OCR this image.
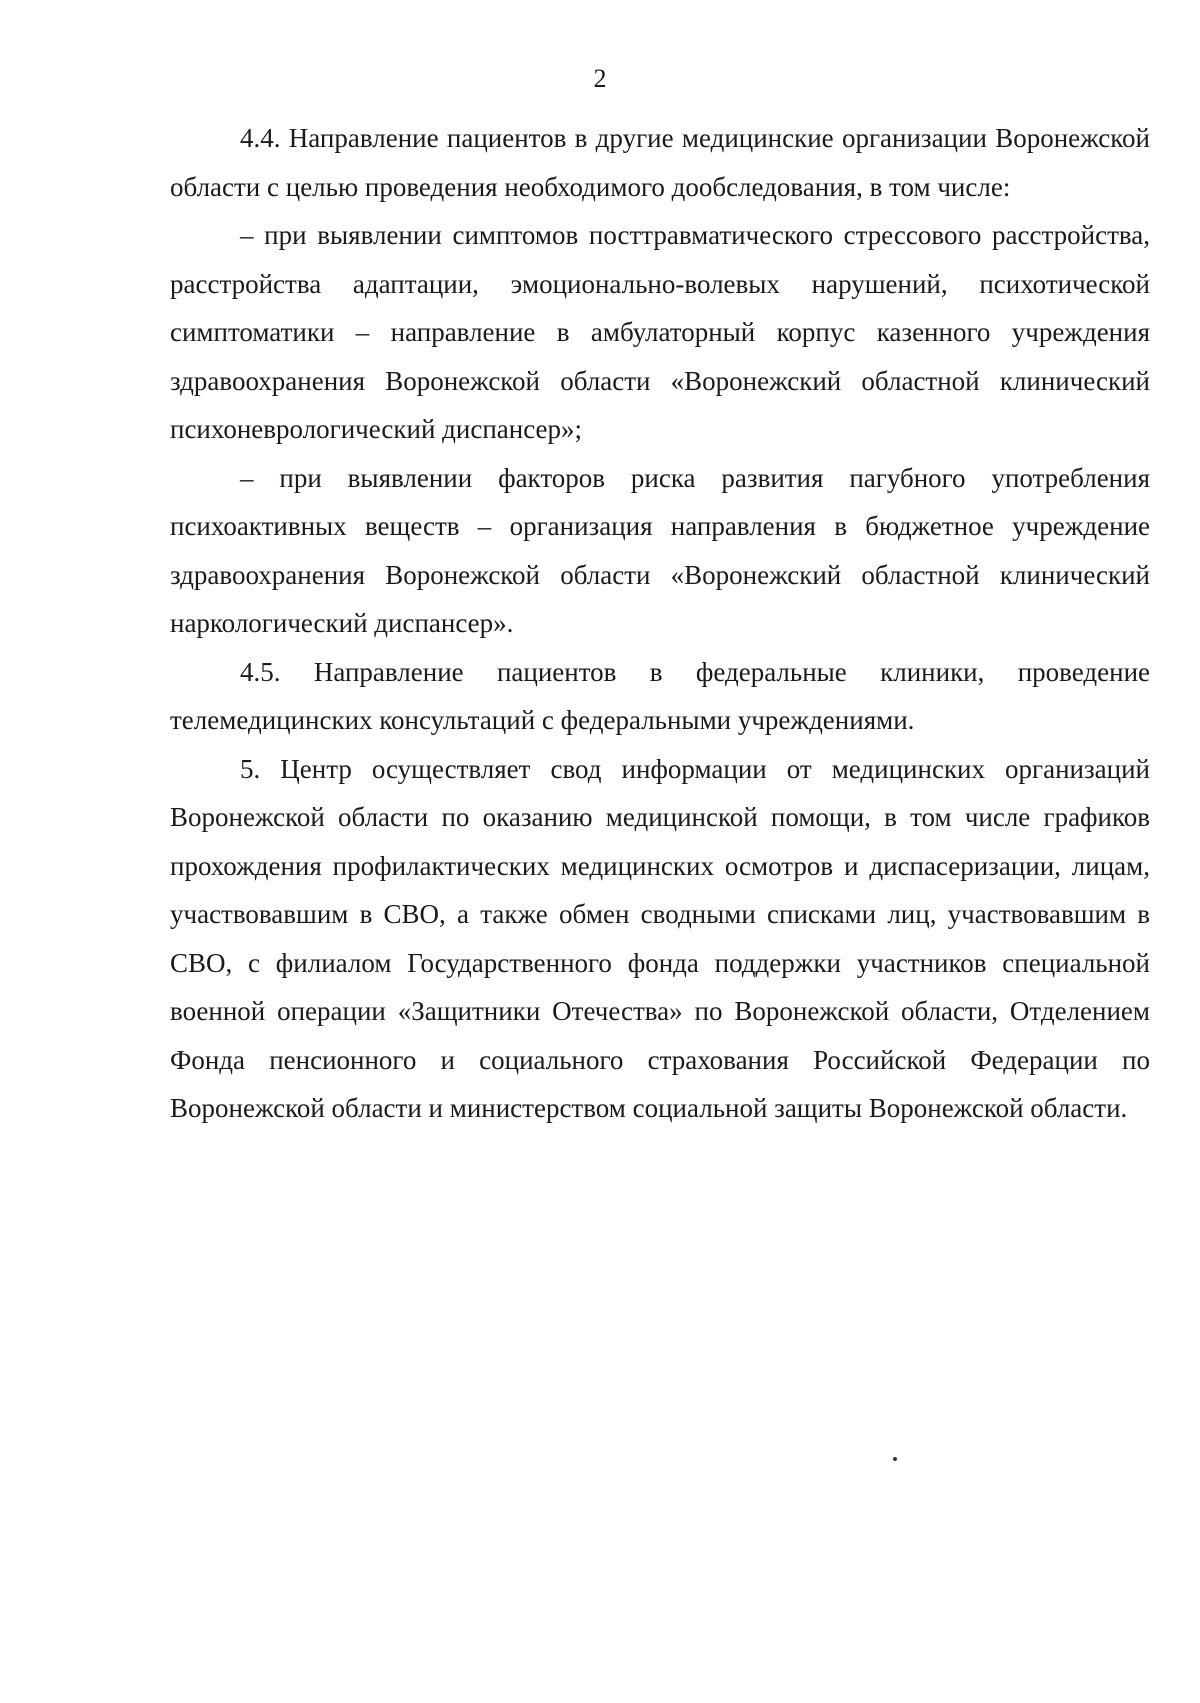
2

4.4. Направление пациентов в другие медицинские организации Воронежской области с целью проведения необходимого дообследования, в том числе:

– при выявлении симптомов посттравматического стрессового расстройства, расстройства адаптации, эмоционально-волевых нарушений, психотической симптоматики – направление в амбулаторный корпус казенного учреждения здравоохранения Воронежской области «Воронежский областной клинический психоневрологический диспансер»;

– при выявлении факторов риска развития пагубного употребления психоактивных веществ – организация направления в бюджетное учреждение здравоохранения Воронежской области «Воронежский областной клинический наркологический диспансер».

4.5. Направление пациентов в федеральные клиники, проведение телемедицинских консультаций с федеральными учреждениями.

5. Центр осуществляет свод информации от медицинских организаций Воронежской области по оказанию медицинской помощи, в том числе графиков прохождения профилактических медицинских осмотров и диспасеризации, лицам, участвовавшим в СВО, а также обмен сводными списками лиц, участвовавшим в СВО, с филиалом Государственного фонда поддержки участников специальной военной операции «Защитники Отечества» по Воронежской области, Отделением Фонда пенсионного и социального страхования Российской Федерации по Воронежской области и министерством социальной защиты Воронежской области.
